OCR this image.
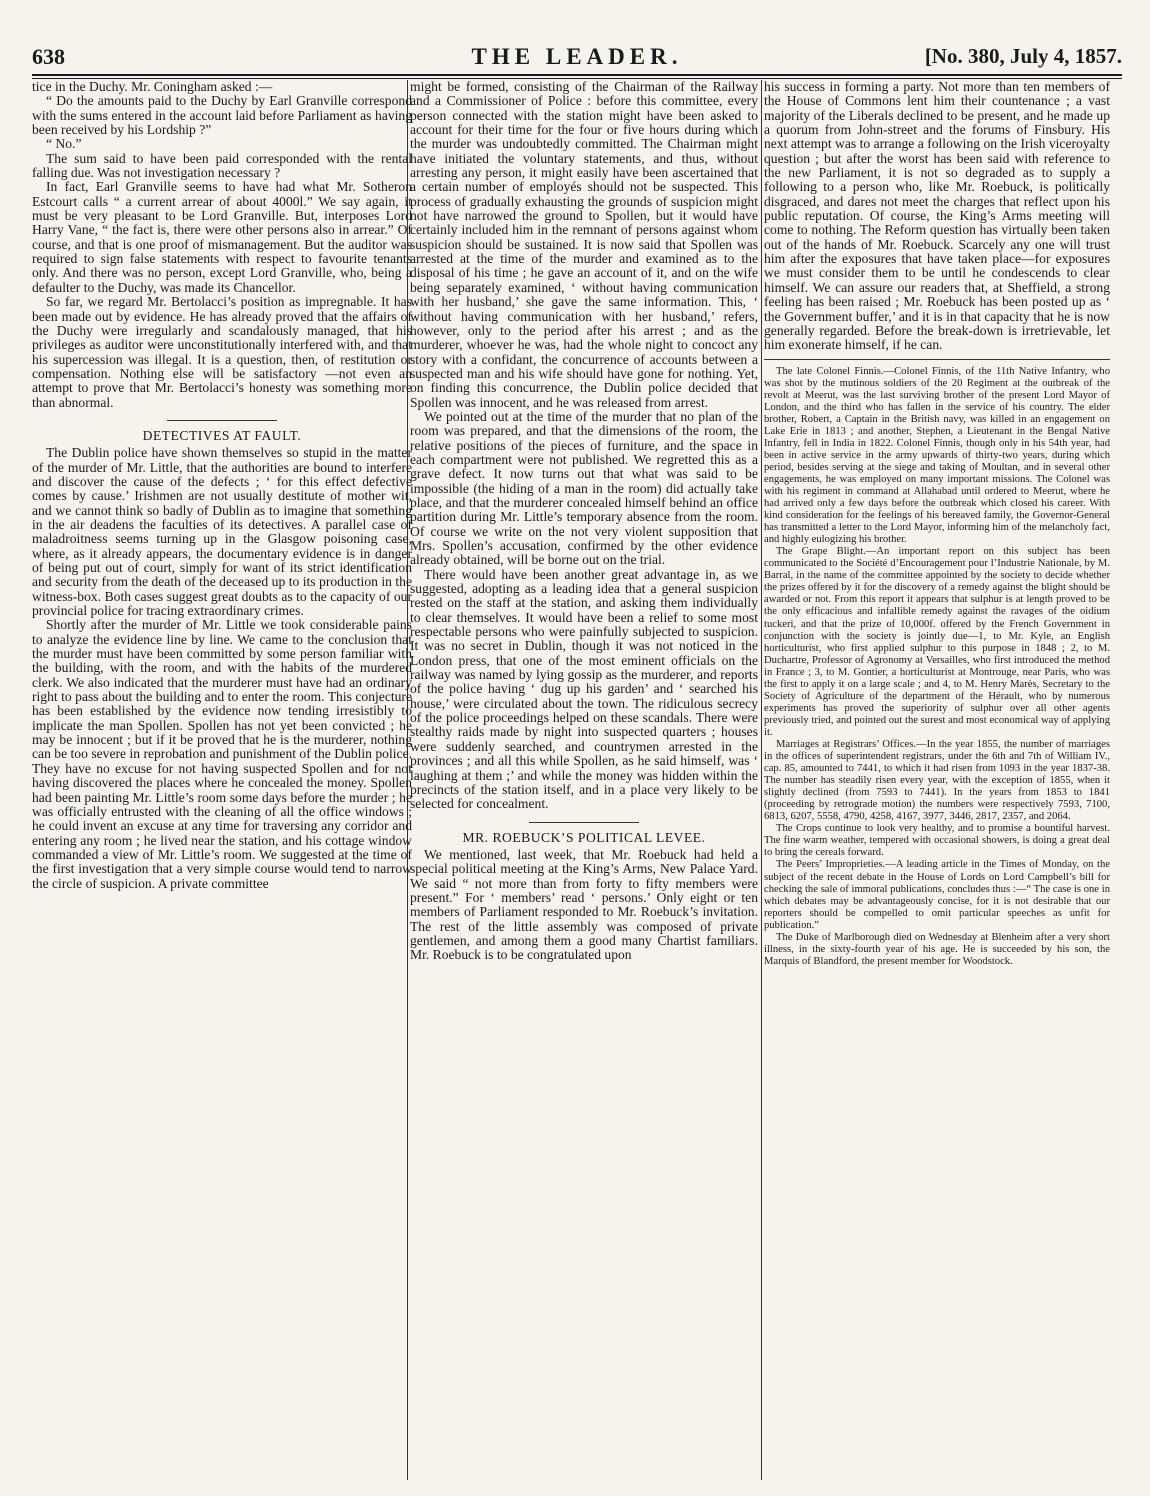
638	THE LEADER.	[No. 380, July 4, 1857.

tice in the Duchy. Mr. Coningham asked :—

“ Do the amounts paid to the Duchy by Earl Granville correspond with the sums entered in the account laid before Parliament as having been received by his Lordship ?”

“ No.”

The sum said to have been paid corresponded with the rental falling due. Was not investigation necessary ?

In fact, Earl Granville seems to have had what Mr. Sotheron Estcourt calls “ a current arrear of about 4000l.” We say again, it must be very pleasant to be Lord Granville. But, interposes Lord Harry Vane, “ the fact is, there were other persons also in arrear.” Of course, and that is one proof of mismanagement. But the auditor was required to sign false statements with respect to favourite tenants only. And there was no person, except Lord Granville, who, being a defaulter to the Duchy, was made its Chancellor.

So far, we regard Mr. Bertolacci’s position as impregnable. It has been made out by evidence. He has already proved that the affairs of the Duchy were irregularly and scandalously managed, that his privileges as auditor were unconstitutionally interfered with, and that his supercession was illegal. It is a question, then, of restitution or compensation. Nothing else will be satisfactory —not even an attempt to prove that Mr. Bertolacci’s honesty was something more than abnormal.

DETECTIVES AT FAULT.

The Dublin police have shown themselves so stupid in the matter of the murder of Mr. Little, that the authorities are bound to interfere and discover the cause of the defects ; ‘ for this effect defective comes by cause.’ Irishmen are not usually destitute of mother wit, and we cannot think so badly of Dublin as to imagine that something in the air deadens the faculties of its detectives. A parallel case of maladroitness seems turning up in the Glasgow poisoning case, where, as it already appears, the documentary evidence is in danger of being put out of court, simply for want of its strict identification and security from the death of the deceased up to its production in the witness-box. Both cases suggest great doubts as to the capacity of our provincial police for tracing extraordinary crimes.

Shortly after the murder of Mr. Little we took considerable pains to analyze the evidence line by line. We came to the conclusion that the murder must have been committed by some person familiar with the building, with the room, and with the habits of the murdered clerk. We also indicated that the murderer must have had an ordinary right to pass about the building and to enter the room. This conjecture has been established by the evidence now tending irresistibly to implicate the man Spollen. Spollen has not yet been convicted ; he may be innocent ; but if it be proved that he is the murderer, nothing can be too severe in reprobation and punishment of the Dublin police. They have no excuse for not having suspected Spollen and for not having discovered the places where he concealed the money. Spollen had been painting Mr. Little’s room some days before the murder ; he was officially entrusted with the cleaning of all the office windows ; he could invent an excuse at any time for traversing any corridor and entering any room ; he lived near the station, and his cottage window commanded a view of Mr. Little’s room. We suggested at the time of the first investigation that a very simple course would tend to narrow the circle of suspicion. A private committee

might be formed, consisting of the Chairman of the Railway and a Commissioner of Police : before this committee, every person connected with the station might have been asked to account for their time for the four or five hours during which the murder was undoubtedly committed. The Chairman might have initiated the voluntary statements, and thus, without arresting any person, it might easily have been ascertained that a certain number of employés should not be suspected. This process of gradually exhausting the grounds of suspicion might not have narrowed the ground to Spollen, but it would have certainly included him in the remnant of persons against whom suspicion should be sustained. It is now said that Spollen was arrested at the time of the murder and examined as to the disposal of his time ; he gave an account of it, and on the wife being separately examined, ‘ without having communication with her husband,’ she gave the same information. This, ‘ without having communication with her husband,’ refers, however, only to the period after his arrest ; and as the murderer, whoever he was, had the whole night to concoct any story with a confidant, the concurrence of accounts between a suspected man and his wife should have gone for nothing. Yet, on finding this concurrence, the Dublin police decided that Spollen was innocent, and he was released from arrest.

We pointed out at the time of the murder that no plan of the room was prepared, and that the dimensions of the room, the relative positions of the pieces of furniture, and the space in each compartment were not published. We regretted this as a grave defect. It now turns out that what was said to be impossible (the hiding of a man in the room) did actually take place, and that the murderer concealed himself behind an office partition during Mr. Little’s temporary absence from the room. Of course we write on the not very violent supposition that Mrs. Spollen’s accusation, confirmed by the other evidence already obtained, will be borne out on the trial.

There would have been another great advantage in, as we suggested, adopting as a leading idea that a general suspicion rested on the staff at the station, and asking them individually to clear themselves. It would have been a relief to some most respectable persons who were painfully subjected to suspicion. It was no secret in Dublin, though it was not noticed in the London press, that one of the most eminent officials on the railway was named by lying gossip as the murderer, and reports of the police having ‘ dug up his garden’ and ‘ searched his house,’ were circulated about the town. The ridiculous secrecy of the police proceedings helped on these scandals. There were stealthy raids made by night into suspected quarters ; houses were suddenly searched, and countrymen arrested in the provinces ; and all this while Spollen, as he said himself, was ‘ laughing at them ;’ and while the money was hidden within the precincts of the station itself, and in a place very likely to be selected for concealment.

MR. ROEBUCK’S POLITICAL LEVEE.

We mentioned, last week, that Mr. Roebuck had held a special political meeting at the King’s Arms, New Palace Yard. We said “ not more than from forty to fifty members were present.” For ‘ members’ read ‘ persons.’ Only eight or ten members of Parliament responded to Mr. Roebuck’s invitation. The rest of the little assembly was composed of private gentlemen, and among them a good many Chartist familiars. Mr. Roebuck is to be congratulated upon

his success in forming a party. Not more than ten members of the House of Commons lent him their countenance ; a vast majority of the Liberals declined to be present, and he made up a quorum from John-street and the forums of Finsbury. His next attempt was to arrange a following on the Irish viceroyalty question ; but after the worst has been said with reference to the new Parliament, it is not so degraded as to supply a following to a person who, like Mr. Roebuck, is politically disgraced, and dares not meet the charges that reflect upon his public reputation. Of course, the King’s Arms meeting will come to nothing. The Reform question has virtually been taken out of the hands of Mr. Roebuck. Scarcely any one will trust him after the exposures that have taken place—for exposures we must consider them to be until he condescends to clear himself. We can assure our readers that, at Sheffield, a strong feeling has been raised ; Mr. Roebuck has been posted up as ‘ the Government buffer,’ and it is in that capacity that he is now generally regarded. Before the break-down is irretrievable, let him exonerate himself, if he can.

The late Colonel Finnis.—Colonel Finnis, of the 11th Native Infantry, who was shot by the mutinous soldiers of the 20 Regiment at the outbreak of the revolt at Meerut, was the last surviving brother of the present Lord Mayor of London, and the third who has fallen in the service of his country. The elder brother, Robert, a Captain in the British navy, was killed in an engagement on Lake Erie in 1813 ; and another, Stephen, a Lieutenant in the Bengal Native Infantry, fell in India in 1822. Colonel Finnis, though only in his 54th year, had been in active service in the army upwards of thirty-two years, during which period, besides serving at the siege and taking of Moultan, and in several other engagements, he was employed on many important missions. The Colonel was with his regiment in command at Allahabad until ordered to Meerut, where he had arrived only a few days before the outbreak which closed his career. With kind consideration for the feelings of his bereaved family, the Governor-General has transmitted a letter to the Lord Mayor, informing him of the melancholy fact, and highly eulogizing his brother.

The Grape Blight.—An important report on this subject has been communicated to the Société d’Encouragement pour l’Industrie Nationale, by M. Barral, in the name of the committee appointed by the society to decide whether the prizes offered by it for the discovery of a remedy against the blight should be awarded or not. From this report it appears that sulphur is at length proved to be the only efficacious and infallible remedy against the ravages of the oidium tuckeri, and that the prize of 10,000f. offered by the French Government in conjunction with the society is jointly due—1, to Mr. Kyle, an English horticulturist, who first applied sulphur to this purpose in 1848 ; 2, to M. Duchartre, Professor of Agronomy at Versailles, who first introduced the method in France ; 3, to M. Gontier, a horticulturist at Montrouge, near Paris, who was the first to apply it on a large scale ; and 4, to M. Henry Marès, Secretary to the Society of Agriculture of the department of the Hérault, who by numerous experiments has proved the superiority of sulphur over all other agents previously tried, and pointed out the surest and most economical way of applying it.

Marriages at Registrars’ Offices.—In the year 1855, the number of marriages in the offices of superintendent registrars, under the 6th and 7th of William IV., cap. 85, amounted to 7441, to which it had risen from 1093 in the year 1837-38. The number has steadily risen every year, with the exception of 1855, when it slightly declined (from 7593 to 7441). In the years from 1853 to 1841 (proceeding by retrograde motion) the numbers were respectively 7593, 7100, 6813, 6207, 5558, 4790, 4258, 4167, 3977, 3446, 2817, 2357, and 2064.

The Crops continue to look very healthy, and to promise a bountiful harvest. The fine warm weather, tempered with occasional showers, is doing a great deal to bring the cereals forward.

The Peers’ Improprieties.—A leading article in the Times of Monday, on the subject of the recent debate in the House of Lords on Lord Campbell’s bill for checking the sale of immoral publications, concludes thus :—“ The case is one in which debates may be advantageously concise, for it is not desirable that our reporters should be compelled to omit particular speeches as unfit for publication.”

The Duke of Marlborough died on Wednesday at Blenheim after a very short illness, in the sixty-fourth year of his age. He is succeeded by his son, the Marquis of Blandford, the present member for Woodstock.
